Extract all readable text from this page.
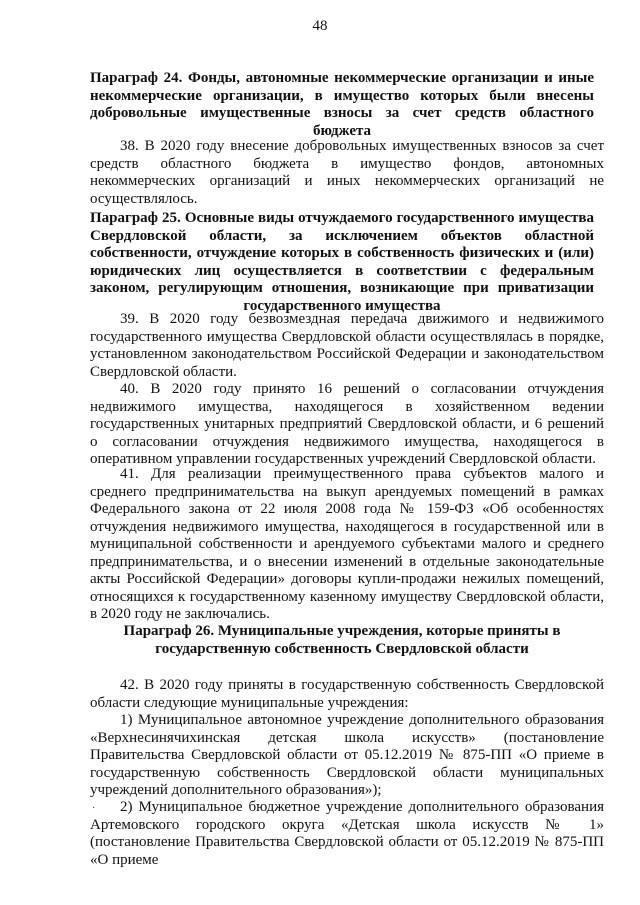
48
Параграф 24. Фонды, автономные некоммерческие организации и иные некоммерческие организации, в имущество которых были внесены добровольные имущественные взносы за счет средств областного бюджета
38. В 2020 году внесение добровольных имущественных взносов за счет средств областного бюджета в имущество фондов, автономных некоммерческих организаций и иных некоммерческих организаций не осуществлялось.
Параграф 25. Основные виды отчуждаемого государственного имущества Свердловской области, за исключением объектов областной собственности, отчуждение которых в собственность физических и (или) юридических лиц осуществляется в соответствии с федеральным законом, регулирующим отношения, возникающие при приватизации государственного имущества
39. В 2020 году безвозмездная передача движимого и недвижимого государственного имущества Свердловской области осуществлялась в порядке, установленном законодательством Российской Федерации и законодательством Свердловской области.
40. В 2020 году принято 16 решений о согласовании отчуждения недвижимого имущества, находящегося в хозяйственном ведении государственных унитарных предприятий Свердловской области, и 6 решений о согласовании отчуждения недвижимого имущества, находящегося в оперативном управлении государственных учреждений Свердловской области.
41. Для реализации преимущественного права субъектов малого и среднего предпринимательства на выкуп арендуемых помещений в рамках Федерального закона от 22 июля 2008 года № 159-ФЗ «Об особенностях отчуждения недвижимого имущества, находящегося в государственной или в муниципальной собственности и арендуемого субъектами малого и среднего предпринимательства, и о внесении изменений в отдельные законодательные акты Российской Федерации» договоры купли-продажи нежилых помещений, относящихся к государственному казенному имуществу Свердловской области, в 2020 году не заключались.
Параграф 26. Муниципальные учреждения, которые приняты в государственную собственность Свердловской области
42. В 2020 году приняты в государственную собственность Свердловской области следующие муниципальные учреждения:
1) Муниципальное автономное учреждение дополнительного образования «Верхнесинячихинская детская школа искусств» (постановление Правительства Свердловской области от 05.12.2019 № 875-ПП «О приеме в государственную собственность Свердловской области муниципальных учреждений дополнительного образования»);
·	2) Муниципальное бюджетное учреждение дополнительного образования Артемовского городского округа «Детская школа искусств № 1» (постановление Правительства Свердловской области от 05.12.2019 № 875-ПП «О приеме
